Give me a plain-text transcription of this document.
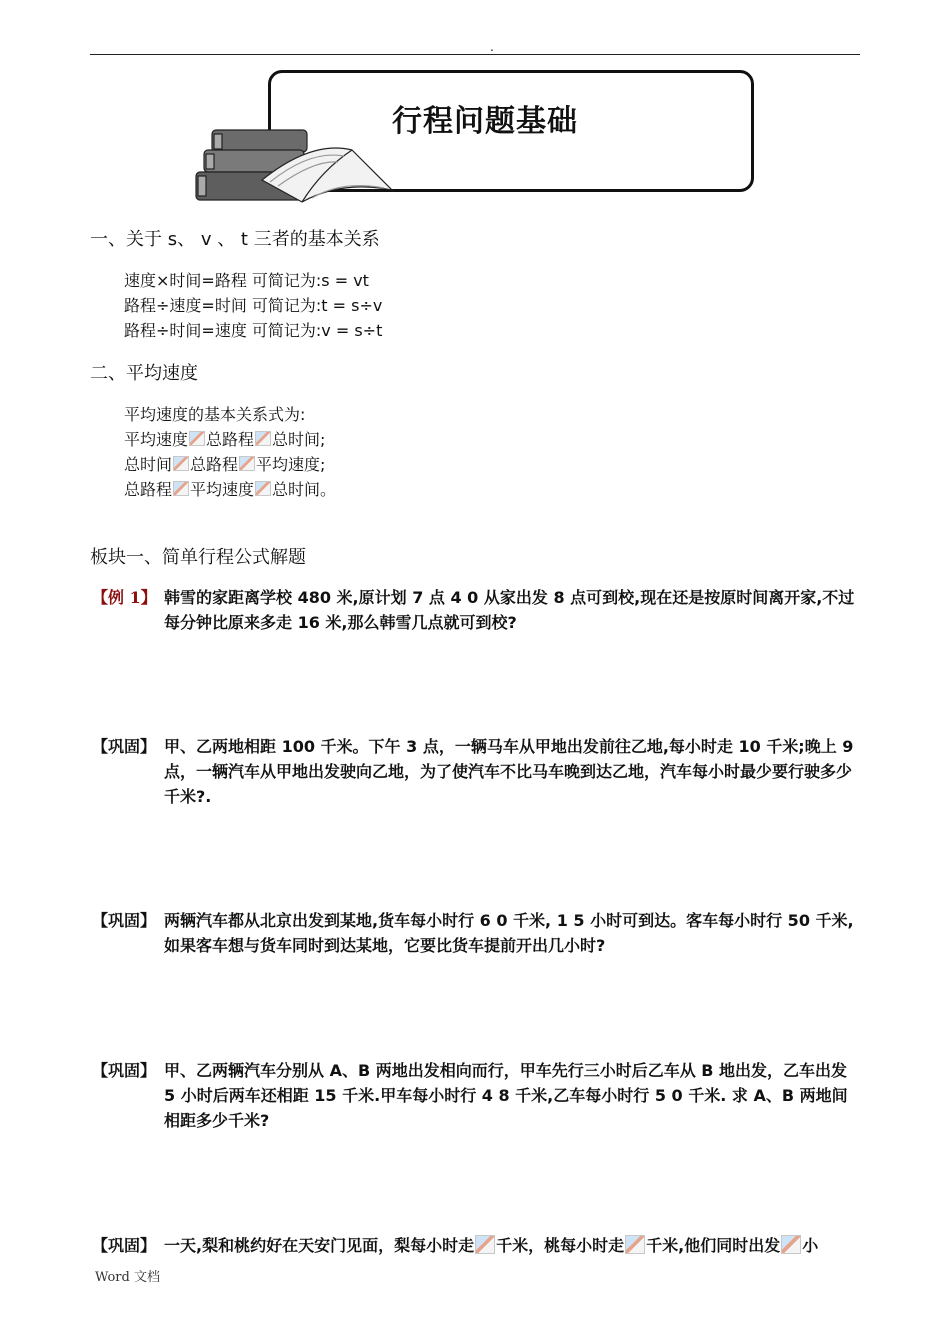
.
行程问题基础
一、关于 s、 v 、 t 三者的基本关系
速度×时间=路程 可简记为:s = vt
路程÷速度=时间 可简记为:t = s÷v
路程÷时间=速度 可简记为:v = s÷t
二、平均速度
平均速度的基本关系式为:
平均速度 总路程 总时间;
总时间 总路程 平均速度;
总路程 平均速度 总时间。
板块一、简单行程公式解题
【例 1】 韩雪的家距离学校 480 米,原计划 7 点 4 0 从家出发 8 点可到校,现在还是按原时间离开家,不过每分钟比原来多走 16 米,那么韩雪几点就可到校?
【巩固】 甲、乙两地相距 100 千米。下午 3 点，一辆马车从甲地出发前往乙地,每小时走 10 千米;晚上 9 点，一辆汽车从甲地出发驶向乙地，为了使汽车不比马车晚到达乙地，汽车每小时最少要行驶多少千米?.
【巩固】 两辆汽车都从北京出发到某地,货车每小时行 6 0 千米, 1 5 小时可到达。客车每小时行 50 千米,如果客车想与货车同时到达某地，它要比货车提前开出几小时?
【巩固】 甲、乙两辆汽车分别从 A、B 两地出发相向而行，甲车先行三小时后乙车从 B 地出发，乙车出发 5 小时后两车还相距 15 千米.甲车每小时行 4 8 千米,乙车每小时行 5 0 千米. 求 A、B 两地间相距多少千米?
【巩固】 一天,梨和桃约好在天安门见面，梨每小时走 千米，桃每小时走 千米,他们同时出发 小
Word 文档
